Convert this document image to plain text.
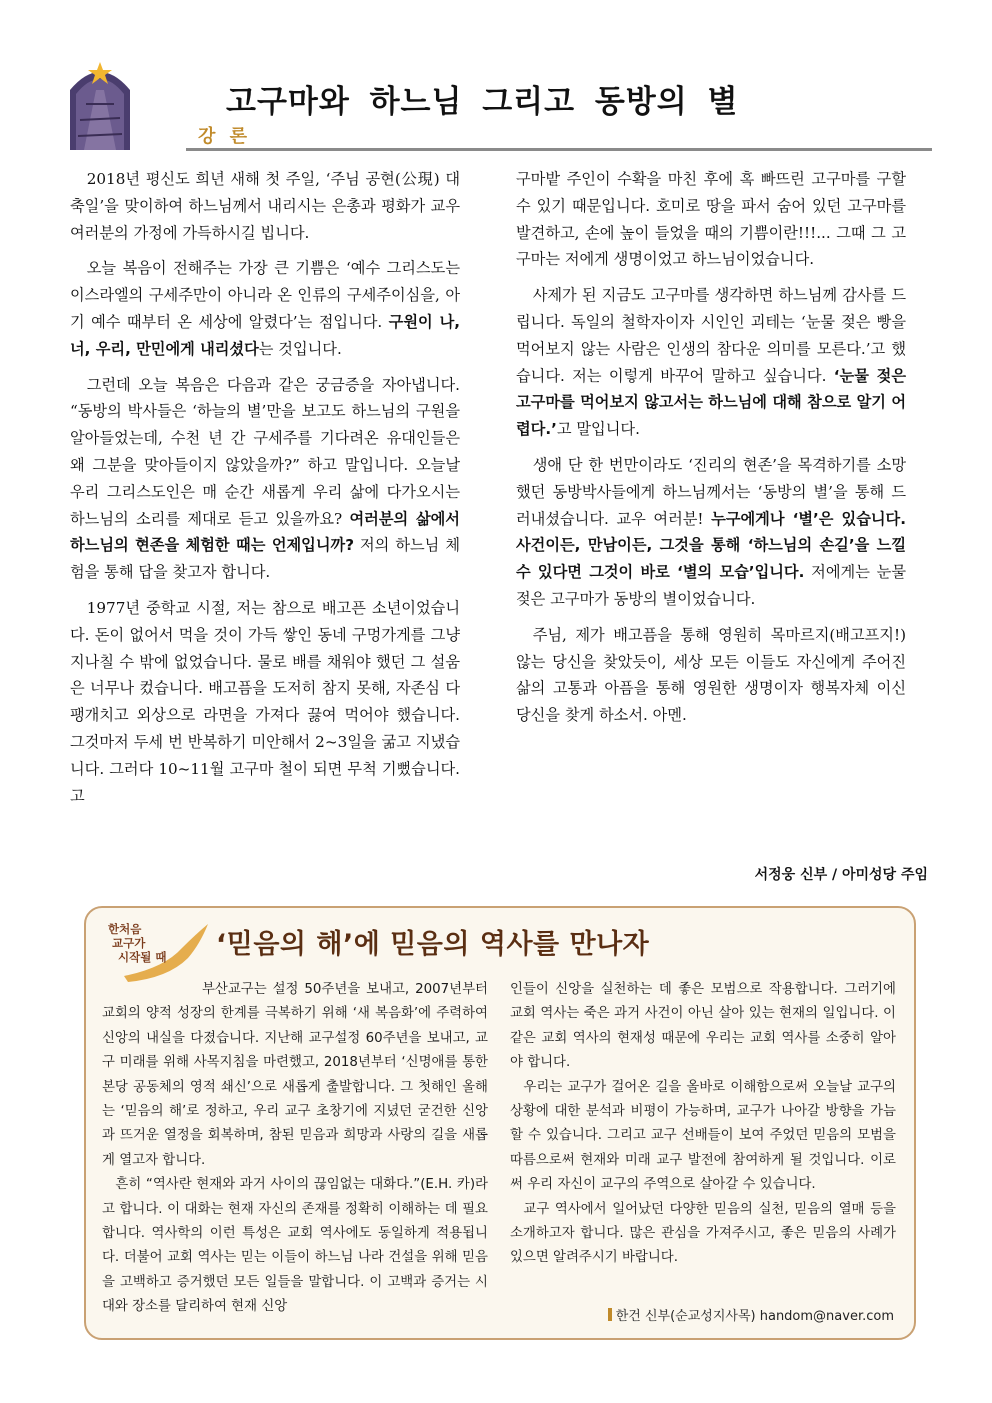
고구마와 하느님 그리고 동방의 별
강 론

2018년 평신도 희년 새해 첫 주일, ‘주님 공현(公現) 대축일’을 맞이하여 하느님께서 내리시는 은총과 평화가 교우 여러분의 가정에 가득하시길 빕니다.

오늘 복음이 전해주는 가장 큰 기쁨은 ‘예수 그리스도는 이스라엘의 구세주만이 아니라 온 인류의 구세주이심을, 아기 예수 때부터 온 세상에 알렸다’는 점입니다. 구원이 나, 너, 우리, 만민에게 내리셨다는 것입니다.

그런데 오늘 복음은 다음과 같은 궁금증을 자아냅니다. “동방의 박사들은 ‘하늘의 별’만을 보고도 하느님의 구원을 알아들었는데, 수천 년 간 구세주를 기다려온 유대인들은 왜 그분을 맞아들이지 않았을까?” 하고 말입니다. 오늘날 우리 그리스도인은 매 순간 새롭게 우리 삶에 다가오시는 하느님의 소리를 제대로 듣고 있을까요? 여러분의 삶에서 하느님의 현존을 체험한 때는 언제입니까? 저의 하느님 체험을 통해 답을 찾고자 합니다.

1977년 중학교 시절, 저는 참으로 배고픈 소년이었습니다. 돈이 없어서 먹을 것이 가득 쌓인 동네 구멍가게를 그냥 지나칠 수 밖에 없었습니다. 물로 배를 채워야 했던 그 설움은 너무나 컸습니다. 배고픔을 도저히 참지 못해, 자존심 다 팽개치고 외상으로 라면을 가져다 끓여 먹어야 했습니다. 그것마저 두세 번 반복하기 미안해서 2~3일을 굶고 지냈습니다. 그러다 10~11월 고구마 철이 되면 무척 기뻤습니다. 고

구마밭 주인이 수확을 마친 후에 혹 빠뜨린 고구마를 구할 수 있기 때문입니다. 호미로 땅을 파서 숨어 있던 고구마를 발견하고, 손에 높이 들었을 때의 기쁨이란!!!... 그때 그 고구마는 저에게 생명이었고 하느님이었습니다.

사제가 된 지금도 고구마를 생각하면 하느님께 감사를 드립니다. 독일의 철학자이자 시인인 괴테는 ‘눈물 젖은 빵을 먹어보지 않는 사람은 인생의 참다운 의미를 모른다.’고 했습니다. 저는 이렇게 바꾸어 말하고 싶습니다. ‘눈물 젖은 고구마를 먹어보지 않고서는 하느님에 대해 참으로 알기 어렵다.’고 말입니다.

생애 단 한 번만이라도 ‘진리의 현존’을 목격하기를 소망했던 동방박사들에게 하느님께서는 ‘동방의 별’을 통해 드러내셨습니다. 교우 여러분! 누구에게나 ‘별’은 있습니다. 사건이든, 만남이든, 그것을 통해 ‘하느님의 손길’을 느낄 수 있다면 그것이 바로 ‘별의 모습’입니다. 저에게는 눈물 젖은 고구마가 동방의 별이었습니다.

주님, 제가 배고픔을 통해 영원히 목마르지(배고프지!) 않는 당신을 찾았듯이, 세상 모든 이들도 자신에게 주어진 삶의 고통과 아픔을 통해 영원한 생명이자 행복자체 이신 당신을 찾게 하소서. 아멘.

서정웅 신부 / 아미성당 주임
한처음
교구가
시작될 때 ‘믿음의 해’에 믿음의 역사를 만나자

부산교구는 설정 50주년을 보내고, 2007년부터 교회의 양적 성장의 한계를 극복하기 위해 ‘새 복음화’에 주력하여 신앙의 내실을 다졌습니다. 지난해 교구설정 60주년을 보내고, 교구 미래를 위해 사목지침을 마련했고, 2018년부터 ‘신명애를 통한 본당 공동체의 영적 쇄신’으로 새롭게 출발합니다. 그 첫해인 올해는 ‘믿음의 해’로 정하고, 우리 교구 초창기에 지녔던 굳건한 신앙과 뜨거운 열정을 회복하며, 참된 믿음과 희망과 사랑의 길을 새롭게 열고자 합니다.

흔히 “역사란 현재와 과거 사이의 끊임없는 대화다.”(E.H. 카)라고 합니다. 이 대화는 현재 자신의 존재를 정확히 이해하는 데 필요합니다. 역사학의 이런 특성은 교회 역사에도 동일하게 적용됩니다. 더불어 교회 역사는 믿는 이들이 하느님 나라 건설을 위해 믿음을 고백하고 증거했던 모든 일들을 말합니다. 이 고백과 증거는 시대와 장소를 달리하여 현재 신앙

인들이 신앙을 실천하는 데 좋은 모범으로 작용합니다. 그러기에 교회 역사는 죽은 과거 사건이 아닌 살아 있는 현재의 일입니다. 이 같은 교회 역사의 현재성 때문에 우리는 교회 역사를 소중히 알아야 합니다.

우리는 교구가 걸어온 길을 올바로 이해함으로써 오늘날 교구의 상황에 대한 분석과 비평이 가능하며, 교구가 나아갈 방향을 가늠할 수 있습니다. 그리고 교구 선배들이 보여 주었던 믿음의 모범을 따름으로써 현재와 미래 교구 발전에 참여하게 될 것입니다. 이로써 우리 자신이 교구의 주역으로 살아갈 수 있습니다.

교구 역사에서 일어났던 다양한 믿음의 실천, 믿음의 열매 등을 소개하고자 합니다. 많은 관심을 가져주시고, 좋은 믿음의 사례가 있으면 알려주시기 바랍니다.

한건 신부(순교성지사목) handom@naver.com
